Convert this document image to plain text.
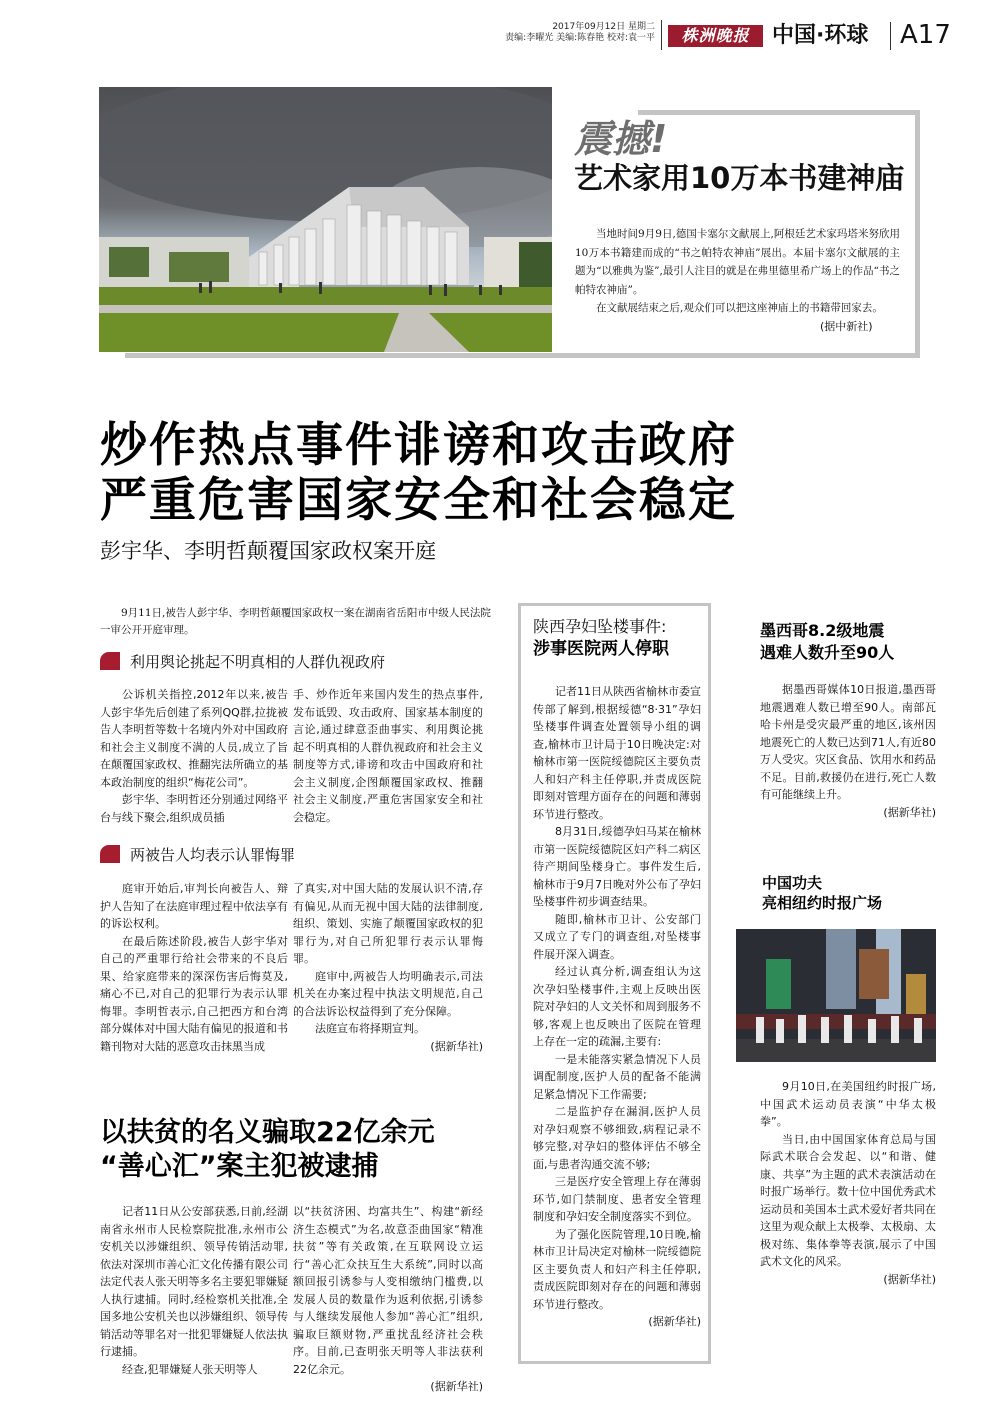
2017年09月12日 星期二
责编:李曜光 美编:陈春艳 校对:袁一平	株洲晚报	中国·环球 A17
震撼!
艺术家用10万本书建神庙

当地时间9月9日,德国卡塞尔文献展上,阿根廷艺术家玛塔米努欣用10万本书籍建而成的“书之帕特农神庙”展出。本届卡塞尔文献展的主题为“以雅典为鉴”,最引人注目的就是在弗里德里希广场上的作品“书之帕特农神庙”。

在文献展结束之后,观众们可以把这座神庙上的书籍带回家去。

(据中新社)
炒作热点事件诽谤和攻击政府
严重危害国家安全和社会稳定
彭宇华、李明哲颠覆国家政权案开庭

9月11日,被告人彭宇华、李明哲颠覆国家政权一案在湖南省岳阳市中级人民法院一审公开开庭审理。

利用舆论挑起不明真相的人群仇视政府

公诉机关指控,2012年以来,被告人彭宇华先后创建了系列QQ群,拉拢被告人李明哲等数十名境内外对中国政府和社会主义制度不满的人员,成立了旨在颠覆国家政权、推翻宪法所确立的基本政治制度的组织“梅花公司”。

彭宇华、李明哲还分别通过网络平台与线下聚会,组织成员插

手、炒作近年来国内发生的热点事件,发布诋毁、攻击政府、国家基本制度的言论,通过肆意歪曲事实、利用舆论挑起不明真相的人群仇视政府和社会主义制度等方式,诽谤和攻击中国政府和社会主义制度,企图颠覆国家政权、推翻社会主义制度,严重危害国家安全和社会稳定。

两被告人均表示认罪悔罪

庭审开始后,审判长向被告人、辩护人告知了在法庭审理过程中依法享有的诉讼权利。

在最后陈述阶段,被告人彭宇华对自己的严重罪行给社会带来的不良后果、给家庭带来的深深伤害后悔莫及,痛心不已,对自己的犯罪行为表示认罪悔罪。李明哲表示,自己把西方和台湾部分媒体对中国大陆有偏见的报道和书籍刊物对大陆的恶意攻击抹黑当成

了真实,对中国大陆的发展认识不清,存有偏见,从而无视中国大陆的法律制度,组织、策划、实施了颠覆国家政权的犯罪行为,对自己所犯罪行表示认罪悔罪。

庭审中,两被告人均明确表示,司法机关在办案过程中执法文明规范,自己的合法诉讼权益得到了充分保障。

法庭宣布将择期宣判。

(据新华社)
以扶贫的名义骗取22亿余元
“善心汇”案主犯被逮捕

记者11日从公安部获悉,日前,经湖南省永州市人民检察院批准,永州市公安机关以涉嫌组织、领导传销活动罪,依法对深圳市善心汇文化传播有限公司法定代表人张天明等多名主要犯罪嫌疑人执行逮捕。同时,经检察机关批准,全国多地公安机关也以涉嫌组织、领导传销活动等罪名对一批犯罪嫌疑人依法执行逮捕。

经查,犯罪嫌疑人张天明等人

以“扶贫济困、均富共生”、构建“新经济生态模式”为名,故意歪曲国家“精准扶贫”等有关政策,在互联网设立运行“善心汇众扶互生大系统”,同时以高额回报引诱参与人变相缴纳门槛费,以发展人员的数量作为返利依据,引诱参与人继续发展他人参加“善心汇”组织,骗取巨额财物,严重扰乱经济社会秩序。目前,已查明张天明等人非法获利22亿余元。

(据新华社)
陕西孕妇坠楼事件:
涉事医院两人停职

记者11日从陕西省榆林市委宣传部了解到,根据绥德“8·31”孕妇坠楼事件调查处置领导小组的调查,榆林市卫计局于10日晚决定:对榆林市第一医院绥德院区主要负责人和妇产科主任停职,并责成医院即刻对管理方面存在的问题和薄弱环节进行整改。

8月31日,绥德孕妇马某在榆林市第一医院绥德院区妇产科二病区待产期间坠楼身亡。事件发生后,榆林市于9月7日晚对外公布了孕妇坠楼事件初步调查结果。

随即,榆林市卫计、公安部门又成立了专门的调查组,对坠楼事件展开深入调查。

经过认真分析,调查组认为这次孕妇坠楼事件,主观上反映出医院对孕妇的人文关怀和周到服务不够,客观上也反映出了医院在管理上存在一定的疏漏,主要有:

一是未能落实紧急情况下人员调配制度,医护人员的配备不能满足紧急情况下工作需要;

二是监护存在漏洞,医护人员对孕妇观察不够细致,病程记录不够完整,对孕妇的整体评估不够全面,与患者沟通交流不够;

三是医疗安全管理上存在薄弱环节,如门禁制度、患者安全管理制度和孕妇安全制度落实不到位。

为了强化医院管理,10日晚,榆林市卫计局决定对榆林一院绥德院区主要负责人和妇产科主任停职,责成医院即刻对存在的问题和薄弱环节进行整改。

(据新华社)
墨西哥8.2级地震
遇难人数升至90人

据墨西哥媒体10日报道,墨西哥地震遇难人数已增至90人。南部瓦哈卡州是受灾最严重的地区,该州因地震死亡的人数已达到71人,有近80万人受灾。灾区食品、饮用水和药品不足。目前,救援仍在进行,死亡人数有可能继续上升。

(据新华社)
中国功夫
亮相纽约时报广场

9月10日,在美国纽约时报广场,中国武术运动员表演“中华太极拳”。

当日,由中国国家体育总局与国际武术联合会发起、以“和谐、健康、共享”为主题的武术表演活动在时报广场举行。数十位中国优秀武术运动员和美国本土武术爱好者共同在这里为观众献上太极拳、太极扇、太极对练、集体拳等表演,展示了中国武术文化的风采。

(据新华社)
